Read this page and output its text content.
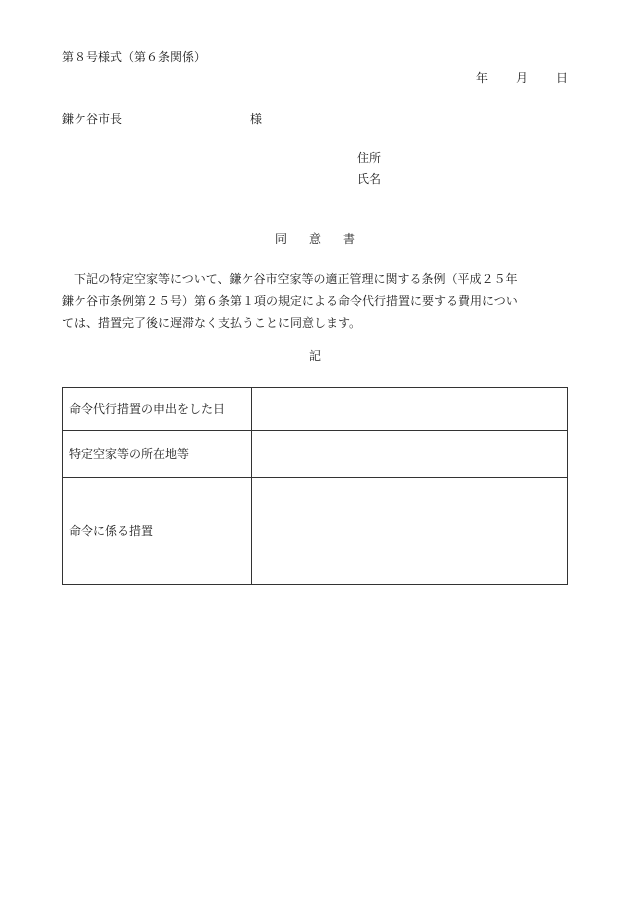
第８号様式（第６条関係）
年 月 日
鎌ケ谷市長	様
住所
氏名
同意書
下記の特定空家等について、鎌ケ谷市空家等の適正管理に関する条例（平成２５年
鎌ケ谷市条例第２５号）第６条第１項の規定による命令代行措置に要する費用につい
ては、措置完了後に遅滞なく支払うことに同意します。
記
命令代行措置の申出をした日	
特定空家等の所在地等	
命令に係る措置	
